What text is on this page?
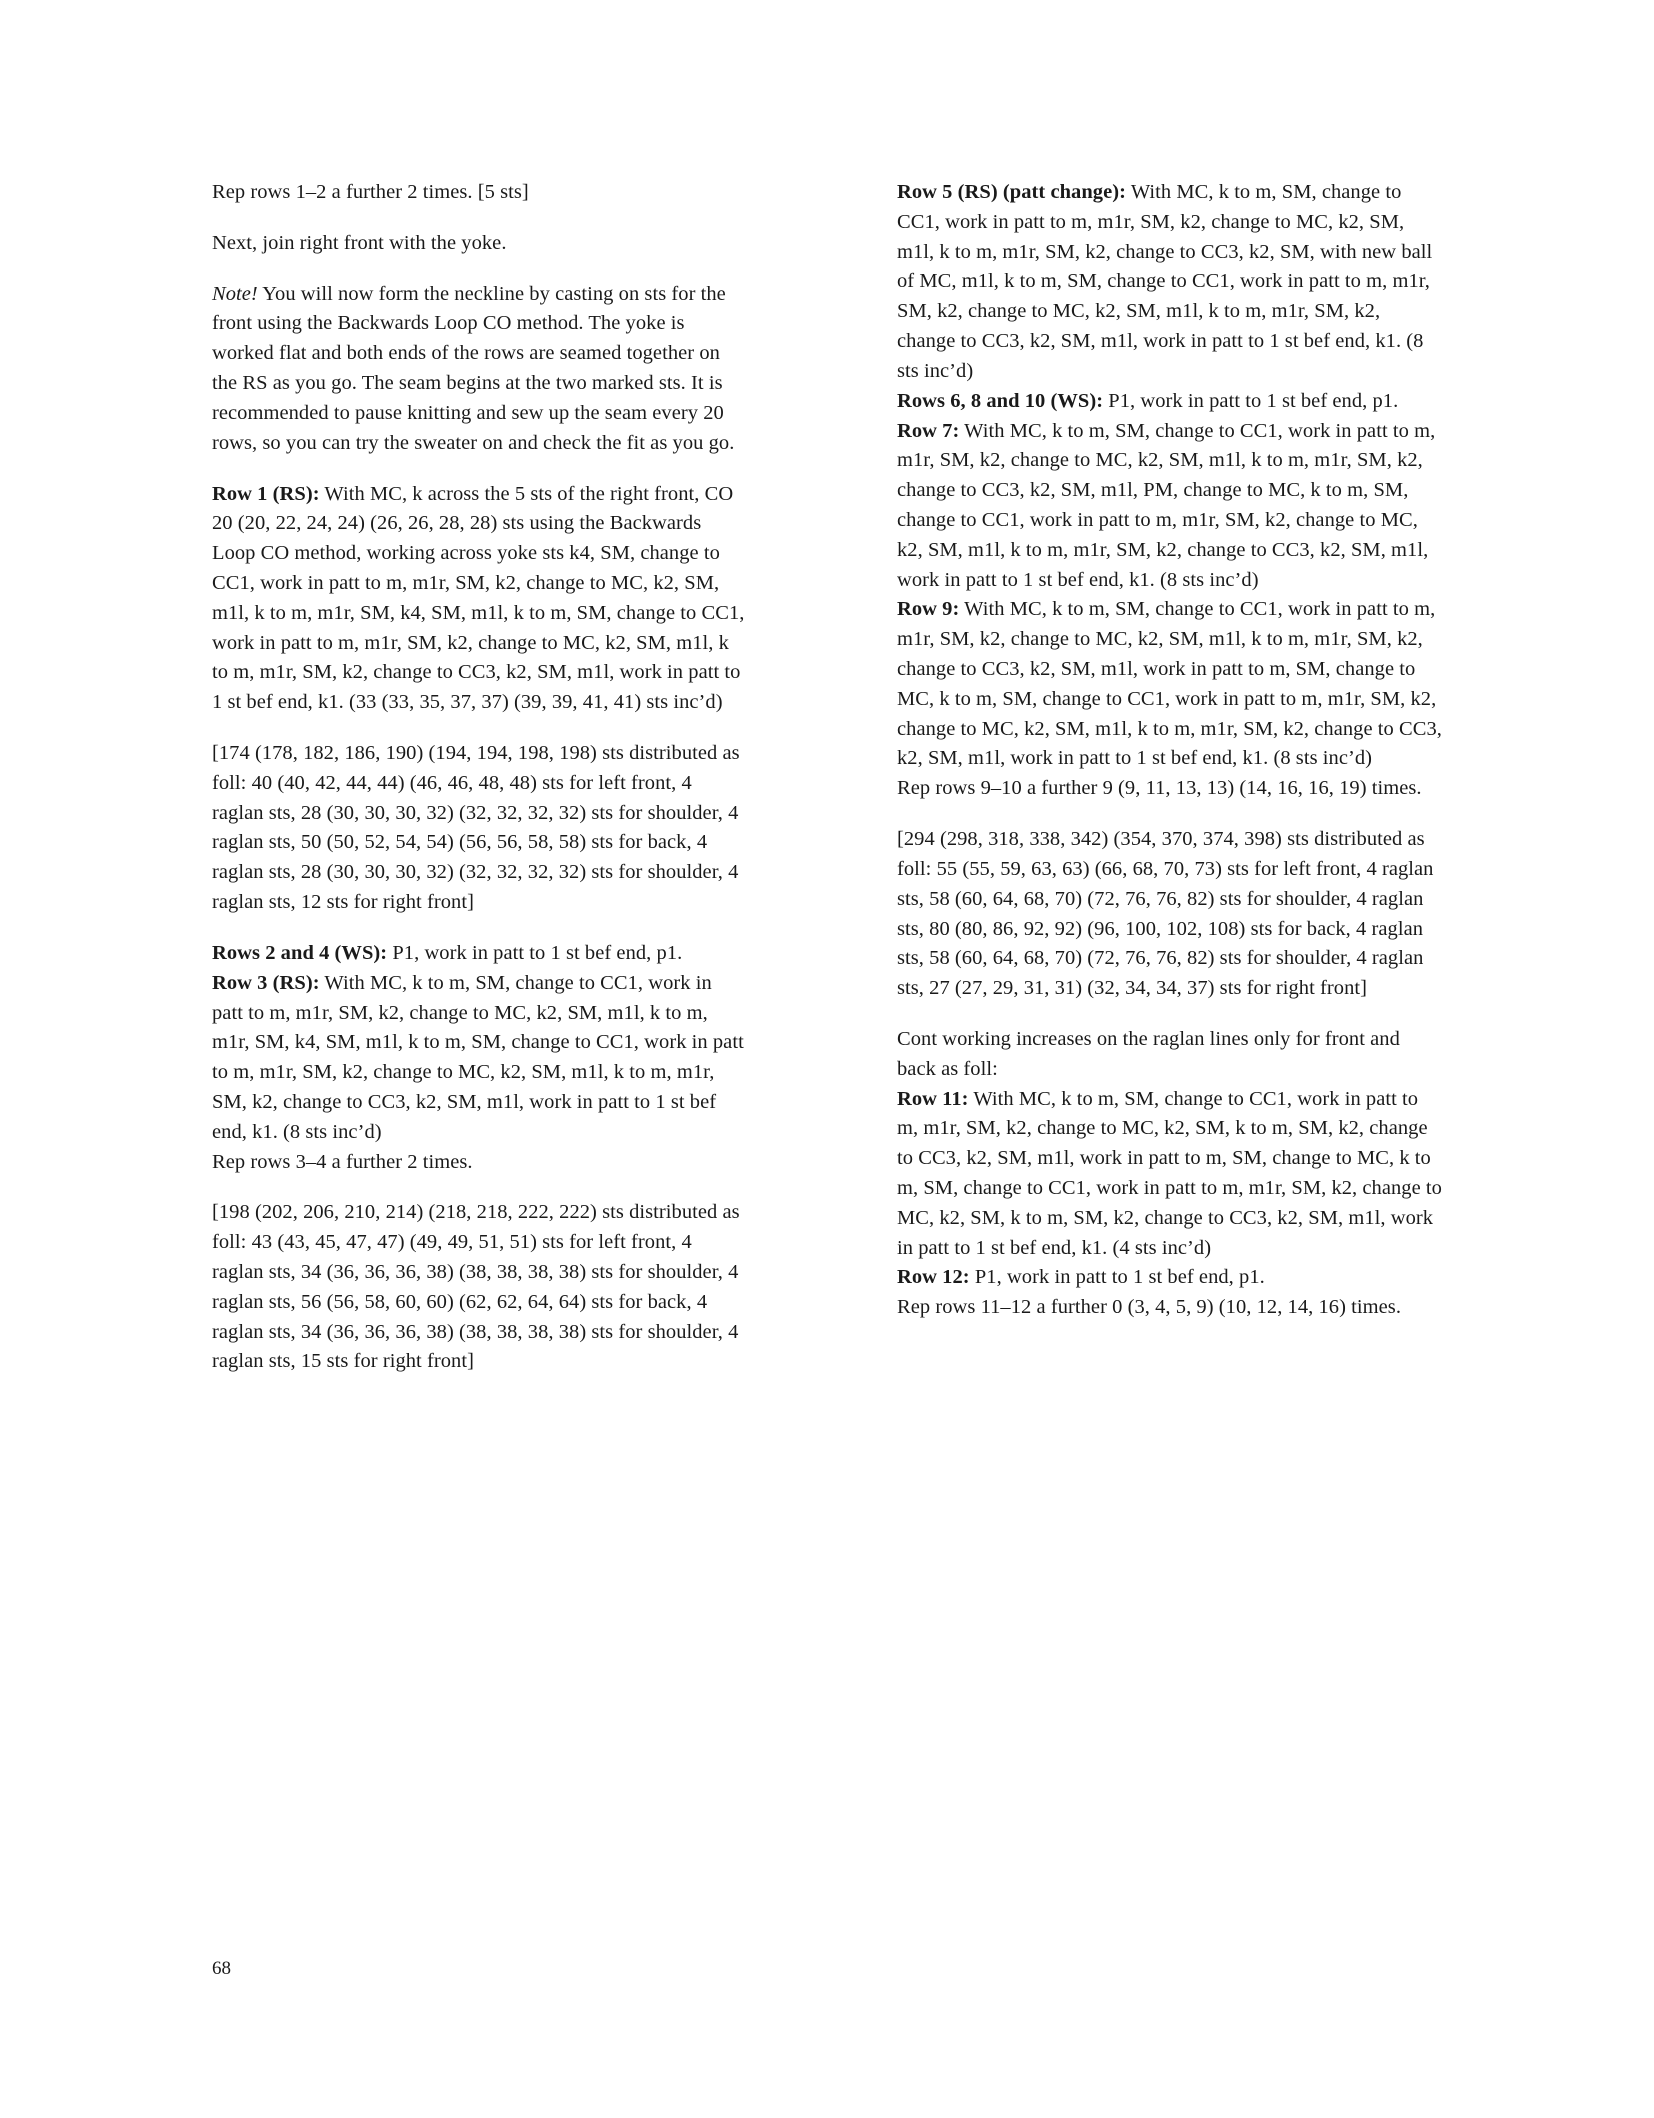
Rep rows 1–2 a further 2 times. [5 sts]

Next, join right front with the yoke.

Note! You will now form the neckline by casting on sts for the front using the Backwards Loop CO method. The yoke is worked flat and both ends of the rows are seamed together on the RS as you go. The seam begins at the two marked sts. It is recommended to pause knitting and sew up the seam every 20 rows, so you can try the sweater on and check the fit as you go.

Row 1 (RS): With MC, k across the 5 sts of the right front, CO 20 (20, 22, 24, 24) (26, 26, 28, 28) sts using the Backwards Loop CO method, working across yoke sts k4, SM, change to CC1, work in patt to m, m1r, SM, k2, change to MC, k2, SM, m1l, k to m, m1r, SM, k4, SM, m1l, k to m, SM, change to CC1, work in patt to m, m1r, SM, k2, change to MC, k2, SM, m1l, k to m, m1r, SM, k2, change to CC3, k2, SM, m1l, work in patt to 1 st bef end, k1. (33 (33, 35, 37, 37) (39, 39, 41, 41) sts inc’d)

[174 (178, 182, 186, 190) (194, 194, 198, 198) sts distributed as foll: 40 (40, 42, 44, 44) (46, 46, 48, 48) sts for left front, 4 raglan sts, 28 (30, 30, 30, 32) (32, 32, 32, 32) sts for shoulder, 4 raglan sts, 50 (50, 52, 54, 54) (56, 56, 58, 58) sts for back, 4 raglan sts, 28 (30, 30, 30, 32) (32, 32, 32, 32) sts for shoulder, 4 raglan sts, 12 sts for right front]

Rows 2 and 4 (WS): P1, work in patt to 1 st bef end, p1.

Row 3 (RS): With MC, k to m, SM, change to CC1, work in patt to m, m1r, SM, k2, change to MC, k2, SM, m1l, k to m, m1r, SM, k4, SM, m1l, k to m, SM, change to CC1, work in patt to m, m1r, SM, k2, change to MC, k2, SM, m1l, k to m, m1r, SM, k2, change to CC3, k2, SM, m1l, work in patt to 1 st bef end, k1. (8 sts inc’d)

Rep rows 3–4 a further 2 times.

[198 (202, 206, 210, 214) (218, 218, 222, 222) sts distributed as foll: 43 (43, 45, 47, 47) (49, 49, 51, 51) sts for left front, 4 raglan sts, 34 (36, 36, 36, 38) (38, 38, 38, 38) sts for shoulder, 4 raglan sts, 56 (56, 58, 60, 60) (62, 62, 64, 64) sts for back, 4 raglan sts, 34 (36, 36, 36, 38) (38, 38, 38, 38) sts for shoulder, 4 raglan sts, 15 sts for right front]

Row 5 (RS) (patt change): With MC, k to m, SM, change to CC1, work in patt to m, m1r, SM, k2, change to MC, k2, SM, m1l, k to m, m1r, SM, k2, change to CC3, k2, SM, with new ball of MC, m1l, k to m, SM, change to CC1, work in patt to m, m1r, SM, k2, change to MC, k2, SM, m1l, k to m, m1r, SM, k2, change to CC3, k2, SM, m1l, work in patt to 1 st bef end, k1. (8 sts inc’d)

Rows 6, 8 and 10 (WS): P1, work in patt to 1 st bef end, p1.

Row 7: With MC, k to m, SM, change to CC1, work in patt to m, m1r, SM, k2, change to MC, k2, SM, m1l, k to m, m1r, SM, k2, change to CC3, k2, SM, m1l, PM, change to MC, k to m, SM, change to CC1, work in patt to m, m1r, SM, k2, change to MC, k2, SM, m1l, k to m, m1r, SM, k2, change to CC3, k2, SM, m1l, work in patt to 1 st bef end, k1. (8 sts inc’d)

Row 9: With MC, k to m, SM, change to CC1, work in patt to m, m1r, SM, k2, change to MC, k2, SM, m1l, k to m, m1r, SM, k2, change to CC3, k2, SM, m1l, work in patt to m, SM, change to MC, k to m, SM, change to CC1, work in patt to m, m1r, SM, k2, change to MC, k2, SM, m1l, k to m, m1r, SM, k2, change to CC3, k2, SM, m1l, work in patt to 1 st bef end, k1. (8 sts inc’d)

Rep rows 9–10 a further 9 (9, 11, 13, 13) (14, 16, 16, 19) times.

[294 (298, 318, 338, 342) (354, 370, 374, 398) sts distributed as foll: 55 (55, 59, 63, 63) (66, 68, 70, 73) sts for left front, 4 raglan sts, 58 (60, 64, 68, 70) (72, 76, 76, 82) sts for shoulder, 4 raglan sts, 80 (80, 86, 92, 92) (96, 100, 102, 108) sts for back, 4 raglan sts, 58 (60, 64, 68, 70) (72, 76, 76, 82) sts for shoulder, 4 raglan sts, 27 (27, 29, 31, 31) (32, 34, 34, 37) sts for right front]

Cont working increases on the raglan lines only for front and back as foll:

Row 11: With MC, k to m, SM, change to CC1, work in patt to m, m1r, SM, k2, change to MC, k2, SM, k to m, SM, k2, change to CC3, k2, SM, m1l, work in patt to m, SM, change to MC, k to m, SM, change to CC1, work in patt to m, m1r, SM, k2, change to MC, k2, SM, k to m, SM, k2, change to CC3, k2, SM, m1l, work in patt to 1 st bef end, k1. (4 sts inc’d)

Row 12: P1, work in patt to 1 st bef end, p1.

Rep rows 11–12 a further 0 (3, 4, 5, 9) (10, 12, 14, 16) times.

68
